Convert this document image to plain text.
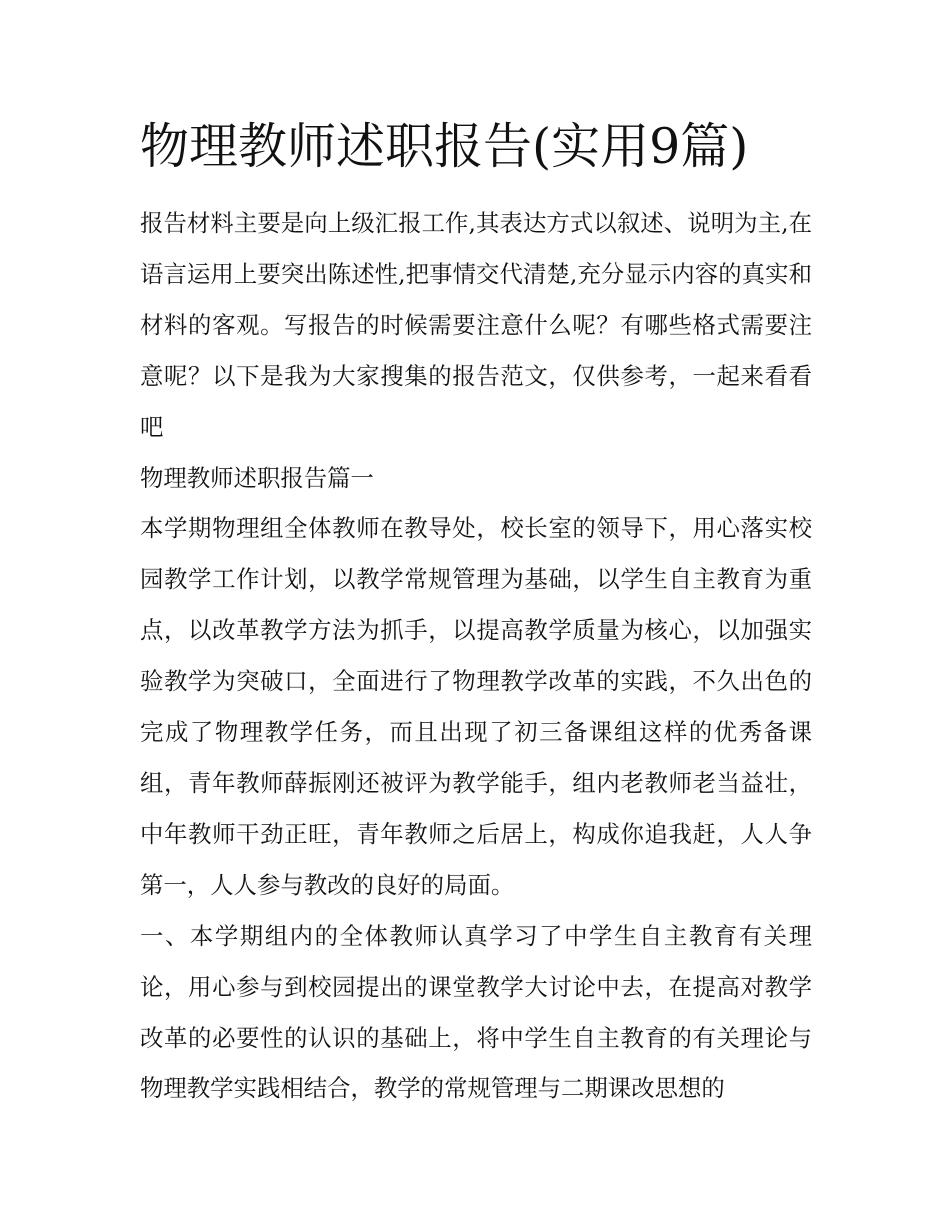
物理教师述职报告(实用9篇)

报告材料主要是向上级汇报工作,其表达方式以叙述、说明为主,在语言运用上要突出陈述性,把事情交代清楚,充分显示内容的真实和材料的客观。写报告的时候需要注意什么呢？有哪些格式需要注意呢？以下是我为大家搜集的报告范文，仅供参考，一起来看看吧

物理教师述职报告篇一

本学期物理组全体教师在教导处，校长室的领导下，用心落实校园教学工作计划，以教学常规管理为基础，以学生自主教育为重点，以改革教学方法为抓手，以提高教学质量为核心，以加强实验教学为突破口，全面进行了物理教学改革的实践，不久出色的完成了物理教学任务，而且出现了初三备课组这样的优秀备课组，青年教师薛振刚还被评为教学能手，组内老教师老当益壮，中年教师干劲正旺，青年教师之后居上，构成你追我赶，人人争第一，人人参与教改的良好的局面。

一、本学期组内的全体教师认真学习了中学生自主教育有关理论，用心参与到校园提出的课堂教学大讨论中去，在提高对教学改革的必要性的认识的基础上，将中学生自主教育的有关理论与物理教学实践相结合，教学的常规管理与二期课改思想的
